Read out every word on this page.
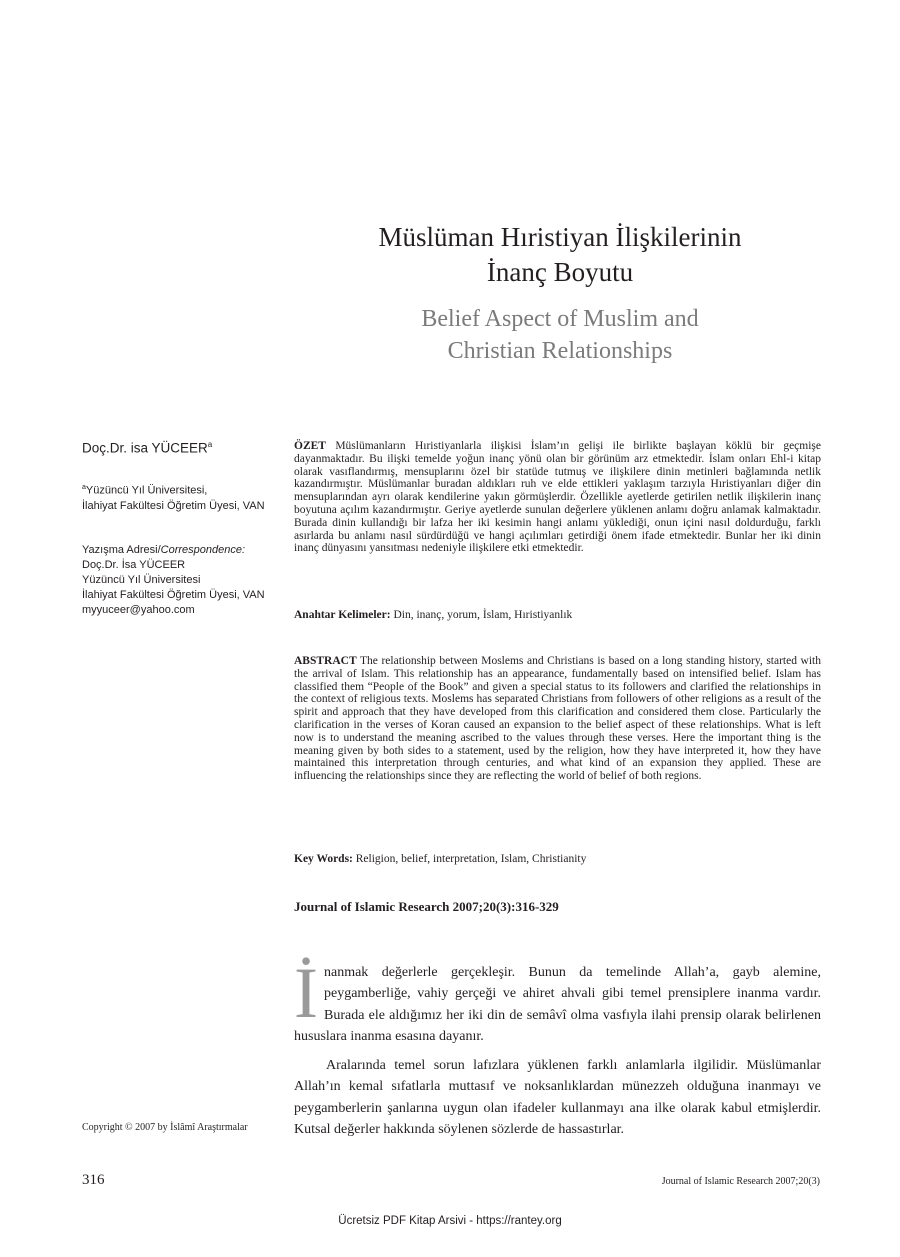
Müslüman Hıristiyan İlişkilerinin
İnanç Boyutu
Belief Aspect of Muslim and
Christian Relationships
Doç.Dr. isa YÜCEER$^a$
$^a$Yüzüncü Yıl Üniversitesi,
İlahiyat Fakültesi Öğretim Üyesi, VAN
Yazışma Adresi/Correspondence:
Doç.Dr. İsa YÜCEER
Yüzüncü Yıl Üniversitesi
İlahiyat Fakültesi Öğretim Üyesi, VAN
myyuceer@yahoo.com
ÖZET Müslümanların Hıristiyanlarla ilişkisi İslam’ın gelişi ile birlikte başlayan köklü bir geçmişe dayanmaktadır. Bu ilişki temelde yoğun inanç yönü olan bir görünüm arz etmektedir. İslam onları Ehl-i kitap olarak vasıflandırmış, mensuplarını özel bir statüde tutmuş ve ilişkilere dinin metinleri bağlamında netlik kazandırmıştır. Müslümanlar buradan aldıkları ruh ve elde ettikleri yaklaşım tarzıyla Hıristiyanları diğer din mensuplarından ayrı olarak kendilerine yakın görmüşlerdir. Özellikle ayetlerde getirilen netlik ilişkilerin inanç boyutuna açılım kazandırmıştır. Geriye ayetlerde sunulan değerlere yüklenen anlamı doğru anlamak kalmaktadır. Burada dinin kullandığı bir lafza her iki kesimin hangi anlamı yüklediği, onun içini nasıl doldurduğu, farklı asırlarda bu anlamı nasıl sürdürdüğü ve hangi açılımları getirdiği önem ifade etmektedir. Bunlar her iki dinin inanç dünyasını yansıtması nedeniyle ilişkilere etki etmektedir.
Anahtar Kelimeler: Din, inanç, yorum, İslam, Hıristiyanlık
ABSTRACT The relationship between Moslems and Christians is based on a long standing history, started with the arrival of Islam. This relationship has an appearance, fundamentally based on intensified belief. Islam has classified them “People of the Book” and given a special status to its followers and clarified the relationships in the context of religious texts. Moslems has separated Christians from followers of other religions as a result of the spirit and approach that they have developed from this clarification and considered them close. Particularly the clarification in the verses of Koran caused an expansion to the belief aspect of these relationships. What is left now is to understand the meaning ascribed to the values through these verses. Here the important thing is the meaning given by both sides to a statement, used by the religion, how they have interpreted it, how they have maintained this interpretation through centuries, and what kind of an expansion they applied. These are influencing the relationships since they are reflecting the world of belief of both regions.
Key Words: Religion, belief, interpretation, Islam, Christianity
Journal of Islamic Research 2007;20(3):316-329
İ nanmak değerlerle gerçekleşir. Bunun da temelinde Allah’a, gayb alemine, peygamberliğe, vahiy gerçeği ve ahiret ahvali gibi temel prensiplere inanma vardır. Burada ele aldığımız her iki din de semâvî olma vasfıyla ilahi prensip olarak belirlenen hususlara inanma esasına dayanır.
Aralarında temel sorun lafızlara yüklenen farklı anlamlarla ilgilidir. Müslümanlar Allah’ın kemal sıfatlarla muttasıf ve noksanlıklardan münezzeh olduğuna inanmayı ve peygamberlerin şanlarına uygun olan ifadeler kullanmayı ana ilke olarak kabul etmişlerdir. Kutsal değerler hakkında söylenen sözlerde de hassastırlar.
Copyright © 2007 by İslâmî Araştırmalar
316	Journal of Islamic Research 2007;20(3)
Ücretsiz PDF Kitap Arsivi - https://rantey.org
